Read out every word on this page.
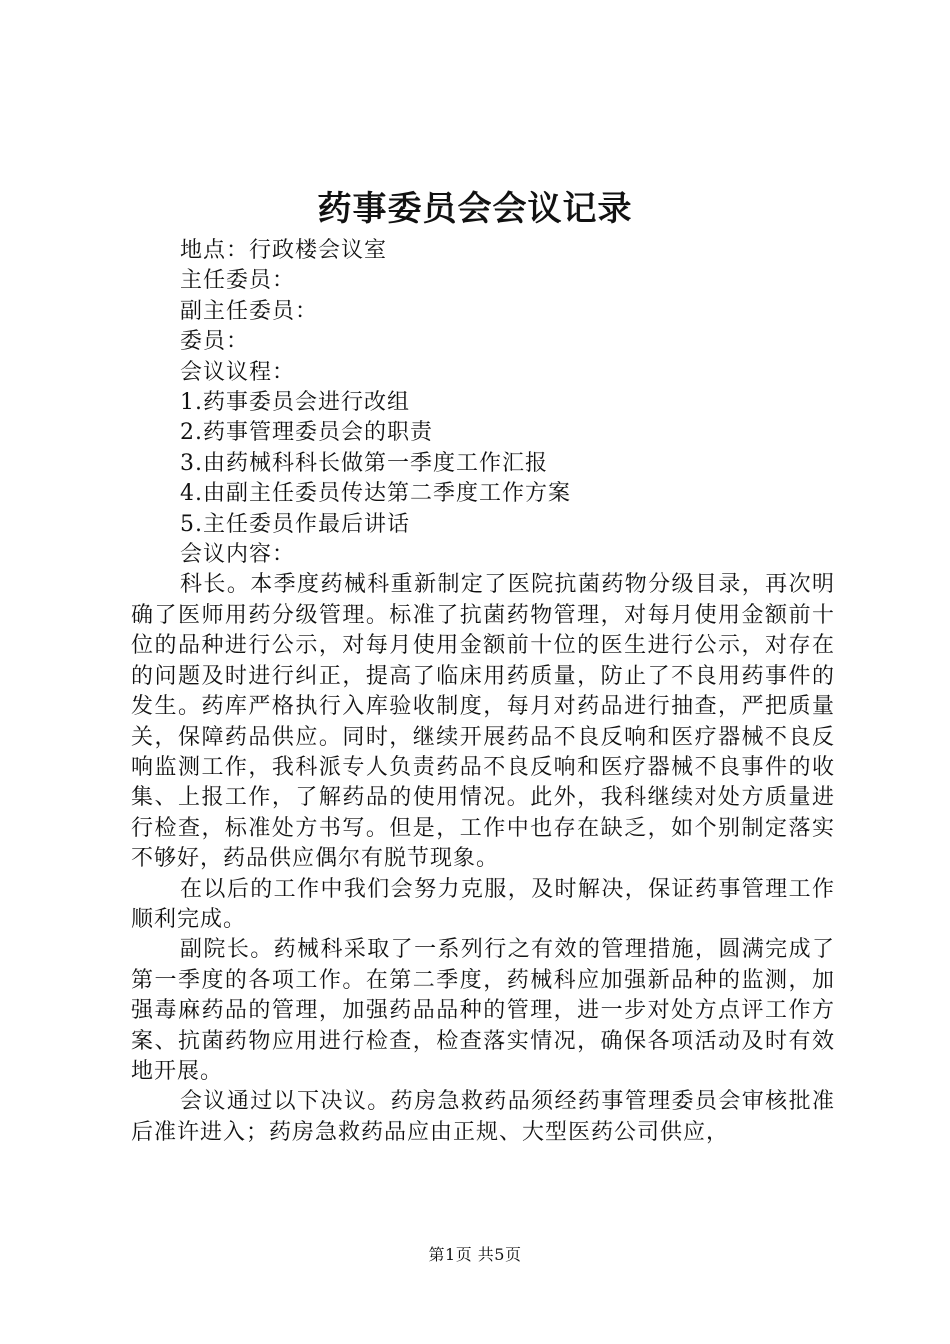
药事委员会会议记录
地点：行政楼会议室
主任委员：
副主任委员：
委员：
会议议程：
1.药事委员会进行改组
2.药事管理委员会的职责
3.由药械科科长做第一季度工作汇报
4.由副主任委员传达第二季度工作方案
5.主任委员作最后讲话
会议内容：

科长。本季度药械科重新制定了医院抗菌药物分级目录，再次明确了医师用药分级管理。标准了抗菌药物管理，对每月使用金额前十位的品种进行公示，对每月使用金额前十位的医生进行公示，对存在的问题及时进行纠正，提高了临床用药质量，防止了不良用药事件的发生。药库严格执行入库验收制度，每月对药品进行抽查，严把质量关，保障药品供应。同时，继续开展药品不良反响和医疗器械不良反响监测工作，我科派专人负责药品不良反响和医疗器械不良事件的收集、上报工作，了解药品的使用情况。此外，我科继续对处方质量进行检查，标准处方书写。但是，工作中也存在缺乏，如个别制定落实不够好，药品供应偶尔有脱节现象。

在以后的工作中我们会努力克服，及时解决，保证药事管理工作顺利完成。

副院长。药械科采取了一系列行之有效的管理措施，圆满完成了第一季度的各项工作。在第二季度，药械科应加强新品种的监测，加强毒麻药品的管理，加强药品品种的管理，进一步对处方点评工作方案、抗菌药物应用进行检查，检查落实情况，确保各项活动及时有效地开展。

会议通过以下决议。药房急救药品须经药事管理委员会审核批准后准许进入；药房急救药品应由正规、大型医药公司供应，

第1页 共5页
